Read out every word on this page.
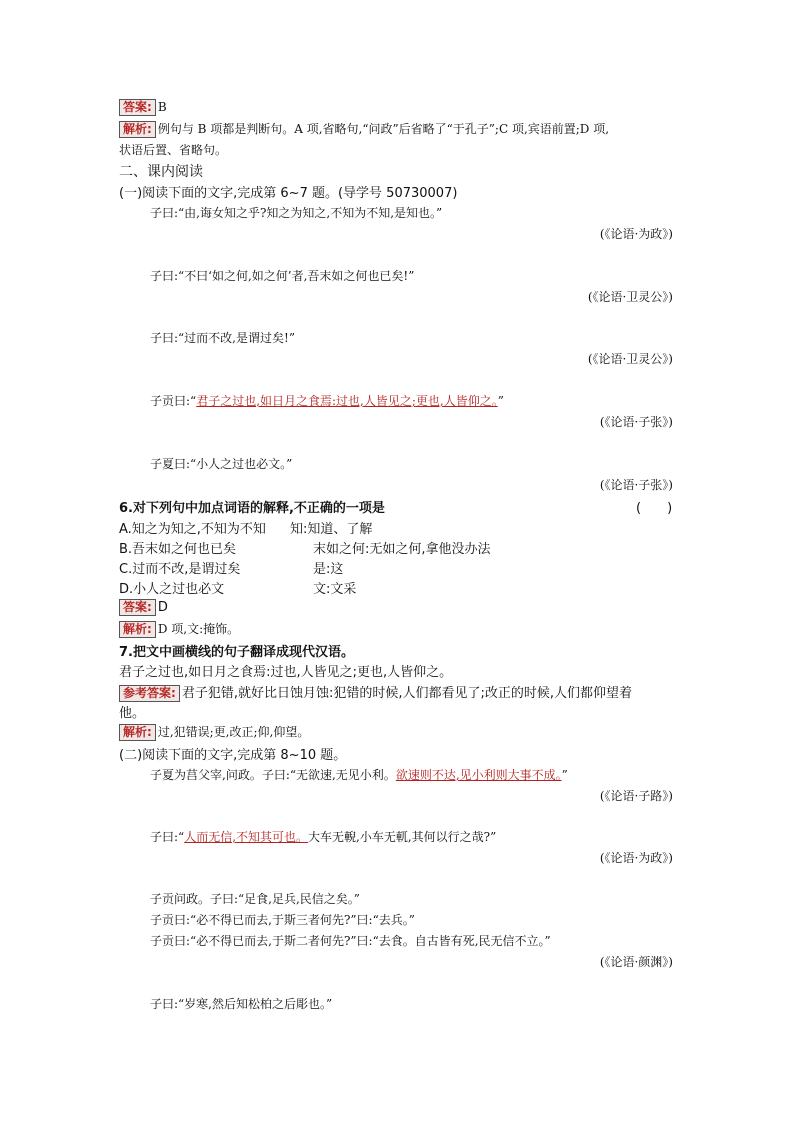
答案: B
解析: 例句与 B 项都是判断句。A 项,省略句,“问政”后省略了“于孔子”;C 项,宾语前置;D 项,
状语后置、省略句。
二、课内阅读
(一)阅读下面的文字,完成第 6~7 题。(导学号 50730007)
子曰:“由,诲女知之乎?知之为知之,不知为不知,是知也。”
(《论语·为政》)
子曰:“不曰‘如之何,如之何’者,吾末如之何也已矣!”
(《论语·卫灵公》)
子曰:“过而不改,是谓过矣!”
(《论语·卫灵公》)
子贡曰:“君子之过也,如日月之食焉:过也,人皆见之;更也,人皆仰之。”
(《论语·子张》)
子夏曰:“小人之过也必文。”
(《论语·子张》)
6.对下列句中加点词语的解释,不正确的一项是	(　　)
A.知之为知之,不知为不知 知:知道、了解
B.吾末如之何也已矣	末如之何:无如之何,拿他没办法
C.过而不改,是谓过矣	是:这
D.小人之过也必文	文:文采
答案: D
解析: D 项,文:掩饰。
7.把文中画横线的句子翻译成现代汉语。
君子之过也,如日月之食焉:过也,人皆见之;更也,人皆仰之。
参考答案: 君子犯错,就好比日蚀月蚀:犯错的时候,人们都看见了;改正的时候,人们都仰望着
他。
解析: 过,犯错误;更,改正;仰,仰望。
(二)阅读下面的文字,完成第 8~10 题。
子夏为莒父宰,问政。子曰:“无欲速,无见小利。欲速则不达,见小利则大事不成。”
(《论语·子路》)
子曰:“人而无信,不知其可也。大车无輗,小车无軏,其何以行之哉?”
(《论语·为政》)
子贡问政。子曰:“足食,足兵,民信之矣。”
子贡曰:“必不得已而去,于斯三者何先?”曰:“去兵。”
子贡曰:“必不得已而去,于斯二者何先?”曰:“去食。自古皆有死,民无信不立。”
(《论语·颜渊》)
子曰:“岁寒,然后知松柏之后彫也。”
